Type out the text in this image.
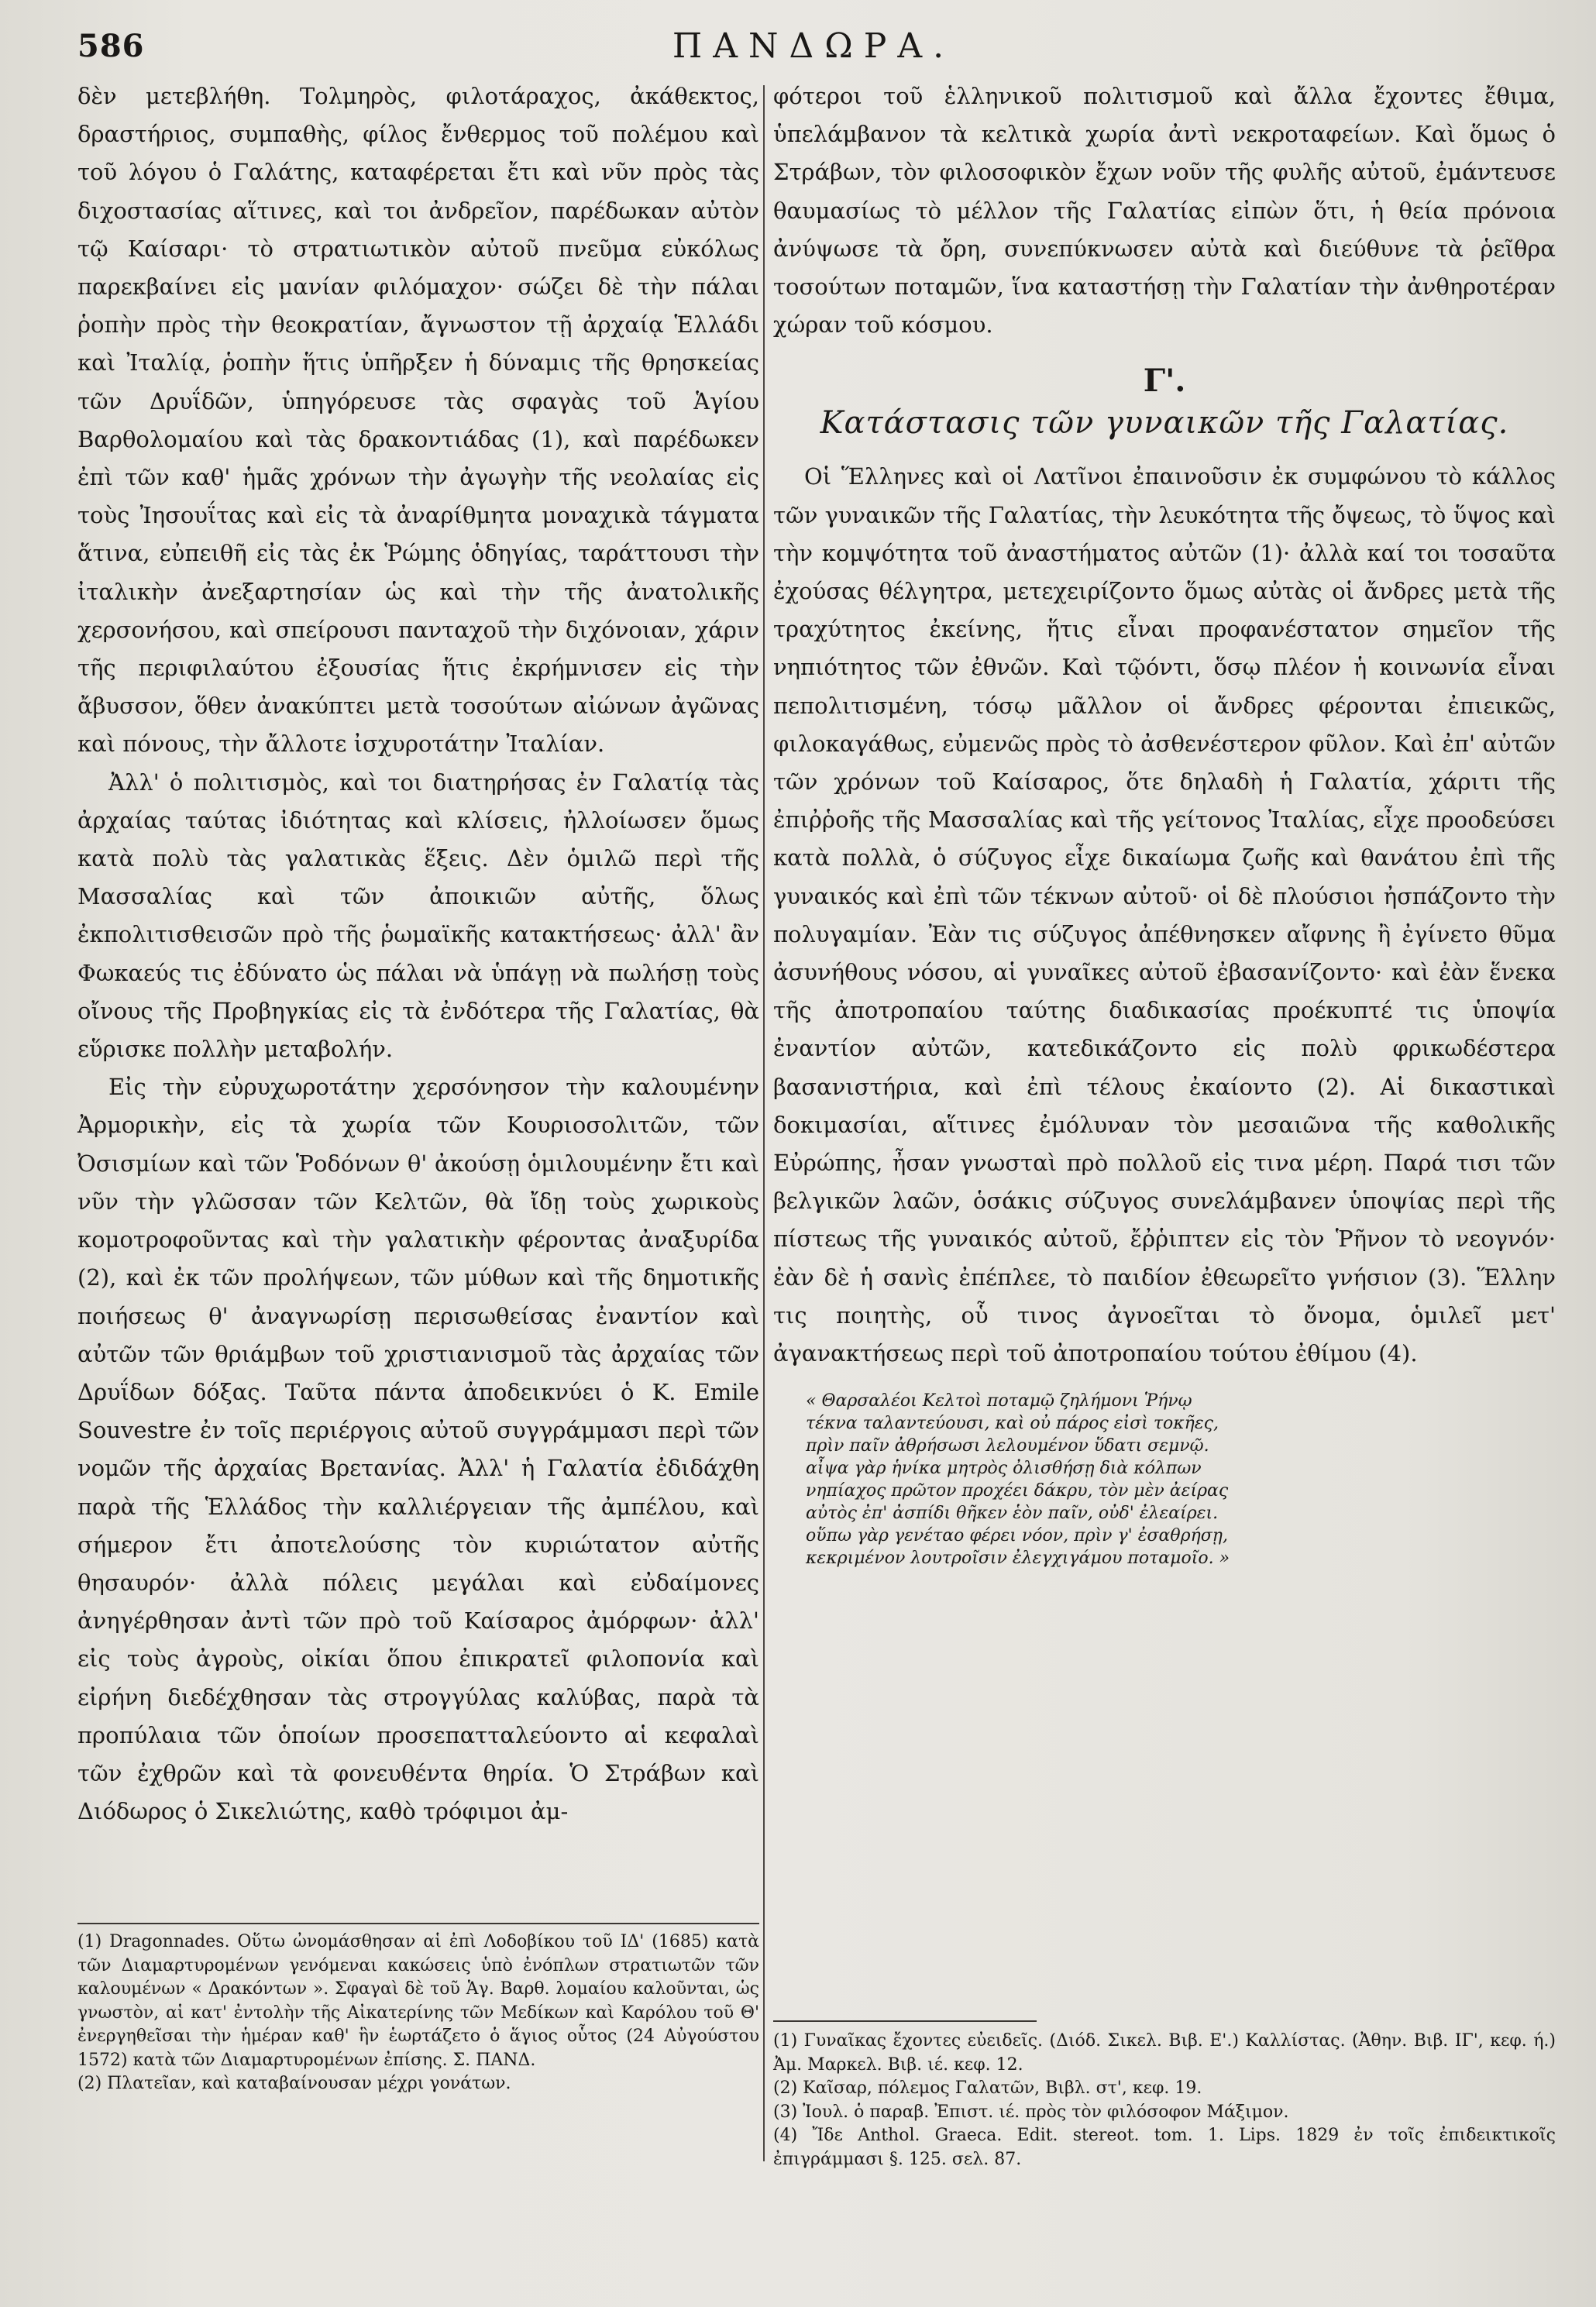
586	ΠΑΝΔΩΡΑ.

δὲν μετεβλήθη. Τολμηρὸς, φιλοτάραχος, ἀκάθεκτος, δραστήριος, συμπαθὴς, φίλος ἔνθερμος τοῦ πολέμου καὶ τοῦ λόγου ὁ Γαλάτης, καταφέρεται ἔτι καὶ νῦν πρὸς τὰς διχοστασίας αἵτινες, καὶ τοι ἀνδρεῖον, παρέδωκαν αὐτὸν τῷ Καίσαρι· τὸ στρατιωτικὸν αὐτοῦ πνεῦμα εὐκόλως παρεκβαίνει εἰς μανίαν φιλόμαχον· σώζει δὲ τὴν πάλαι ῥοπὴν πρὸς τὴν θεοκρατίαν, ἄγνωστον τῇ ἀρχαίᾳ Ἑλλάδι καὶ Ἰταλίᾳ, ῥοπὴν ἥτις ὑπῆρξεν ἡ δύναμις τῆς θρησκείας τῶν Δρυΐδῶν, ὑπηγόρευσε τὰς σφαγὰς τοῦ Ἁγίου Βαρθολομαίου καὶ τὰς δρακοντιάδας (1), καὶ παρέδωκεν ἐπὶ τῶν καθ' ἡμᾶς χρόνων τὴν ἀγωγὴν τῆς νεολαίας εἰς τοὺς Ἰησουΐτας καὶ εἰς τὰ ἀναρίθμητα μοναχικὰ τάγματα ἅτινα, εὐπειθῆ εἰς τὰς ἐκ Ῥώμης ὁδηγίας, ταράττουσι τὴν ἰταλικὴν ἀνεξαρτησίαν ὡς καὶ τὴν τῆς ἀνατολικῆς χερσονήσου, καὶ σπείρουσι πανταχοῦ τὴν διχόνοιαν, χάριν τῆς περιφιλαύτου ἐξουσίας ἥτις ἐκρήμνισεν εἰς τὴν ἄβυσσον, ὅθεν ἀνακύπτει μετὰ τοσούτων αἰώνων ἀγῶνας καὶ πόνους, τὴν ἄλλοτε ἰσχυροτάτην Ἰταλίαν.

Ἀλλ' ὁ πολιτισμὸς, καὶ τοι διατηρήσας ἐν Γαλατίᾳ τὰς ἀρχαίας ταύτας ἰδιότητας καὶ κλίσεις, ἠλλοίωσεν ὅμως κατὰ πολὺ τὰς γαλατικὰς ἕξεις. Δὲν ὁμιλῶ περὶ τῆς Μασσαλίας καὶ τῶν ἀποικιῶν αὐτῆς, ὅλως ἐκπολιτισθεισῶν πρὸ τῆς ῥωμαϊκῆς κατακτήσεως· ἀλλ' ἂν Φωκαεύς τις ἐδύνατο ὡς πάλαι νὰ ὑπάγῃ νὰ πωλήσῃ τοὺς οἴνους τῆς Προβηγκίας εἰς τὰ ἐνδότερα τῆς Γαλατίας, θὰ εὕρισκε πολλὴν μεταβολήν.

Εἰς τὴν εὐρυχωροτάτην χερσόνησον τὴν καλουμένην Ἀρμορικὴν, εἰς τὰ χωρία τῶν Κουριοσολιτῶν, τῶν Ὀσισμίων καὶ τῶν Ῥοδόνων θ' ἀκούσῃ ὁμιλουμένην ἔτι καὶ νῦν τὴν γλῶσσαν τῶν Κελτῶν, θὰ ἴδῃ τοὺς χωρικοὺς κομοτροφοῦντας καὶ τὴν γαλατικὴν φέροντας ἀναξυρίδα (2), καὶ ἐκ τῶν προλήψεων, τῶν μύθων καὶ τῆς δημοτικῆς ποιήσεως θ' ἀναγνωρίσῃ περισωθείσας ἐναντίον καὶ αὐτῶν τῶν θριάμβων τοῦ χριστιανισμοῦ τὰς ἀρχαίας τῶν Δρυΐδων δόξας. Ταῦτα πάντα ἀποδεικνύει ὁ Κ. Emile Souvestre ἐν τοῖς περιέργοις αὐτοῦ συγγράμμασι περὶ τῶν νομῶν τῆς ἀρχαίας Βρετανίας. Ἀλλ' ἡ Γαλατία ἐδιδάχθη παρὰ τῆς Ἑλλάδος τὴν καλλιέργειαν τῆς ἀμπέλου, καὶ σήμερον ἔτι ἀποτελούσης τὸν κυριώτατον αὐτῆς θησαυρόν· ἀλλὰ πόλεις μεγάλαι καὶ εὐδαίμονες ἀνηγέρθησαν ἀντὶ τῶν πρὸ τοῦ Καίσαρος ἀμόρφων· ἀλλ' εἰς τοὺς ἀγροὺς, οἰκίαι ὅπου ἐπικρατεῖ φιλοπονία καὶ εἰρήνη διεδέχθησαν τὰς στρογγύλας καλύβας, παρὰ τὰ προπύλαια τῶν ὁποίων προσεπατταλεύοντο αἱ κεφαλαὶ τῶν ἐχθρῶν καὶ τὰ φονευθέντα θηρία. Ὁ Στράβων καὶ Διόδωρος ὁ Σικελιώτης, καθὸ τρόφιμοι ἀμ-

(1) Dragonnades. Οὕτω ὠνομάσθησαν αἱ ἐπὶ Λοδοβίκου τοῦ ΙΔ' (1685) κατὰ τῶν Διαμαρτυρομένων γενόμεναι κακώσεις ὑπὸ ἐνόπλων στρατιωτῶν τῶν καλουμένων « Δρακόντων ». Σφαγαὶ δὲ τοῦ Ἁγ. Βαρθ. λομαίου καλοῦνται, ὡς γνωστὸν, αἱ κατ' ἐντολὴν τῆς Αἰκατερίνης τῶν Μεδίκων καὶ Καρόλου τοῦ Θ' ἐνεργηθεῖσαι τὴν ἡμέραν καθ' ἣν ἑωρτάζετο ὁ ἅγιος οὗτος (24 Αὐγούστου 1572) κατὰ τῶν Διαμαρτυρομένων ἐπίσης. Σ. ΠΑΝΔ.

(2) Πλατεῖαν, καὶ καταβαίνουσαν μέχρι γονάτων.

φότεροι τοῦ ἑλληνικοῦ πολιτισμοῦ καὶ ἄλλα ἔχοντες ἔθιμα, ὑπελάμβανον τὰ κελτικὰ χωρία ἀντὶ νεκροταφείων. Καὶ ὅμως ὁ Στράβων, τὸν φιλοσοφικὸν ἔχων νοῦν τῆς φυλῆς αὐτοῦ, ἐμάντευσε θαυμασίως τὸ μέλλον τῆς Γαλατίας εἰπὼν ὅτι, ἡ θεία πρόνοια ἀνύψωσε τὰ ὄρη, συνεπύκνωσεν αὐτὰ καὶ διεύθυνε τὰ ῥεῖθρα τοσούτων ποταμῶν, ἵνα καταστήσῃ τὴν Γαλατίαν τὴν ἀνθηροτέραν χώραν τοῦ κόσμου.

Γ'.
Κατάστασις τῶν γυναικῶν τῆς Γαλατίας.

Οἱ Ἕλληνες καὶ οἱ Λατῖνοι ἐπαινοῦσιν ἐκ συμφώνου τὸ κάλλος τῶν γυναικῶν τῆς Γαλατίας, τὴν λευκότητα τῆς ὄψεως, τὸ ὕψος καὶ τὴν κομψότητα τοῦ ἀναστήματος αὐτῶν (1)· ἀλλὰ καί τοι τοσαῦτα ἐχούσας θέλγητρα, μετεχειρίζοντο ὅμως αὐτὰς οἱ ἄνδρες μετὰ τῆς τραχύτητος ἐκείνης, ἥτις εἶναι προφανέστατον σημεῖον τῆς νηπιότητος τῶν ἐθνῶν. Καὶ τῷόντι, ὅσῳ πλέον ἡ κοινωνία εἶναι πεπολιτισμένη, τόσῳ μᾶλλον οἱ ἄνδρες φέρονται ἐπιεικῶς, φιλοκαγάθως, εὐμενῶς πρὸς τὸ ἀσθενέστερον φῦλον. Καὶ ἐπ' αὐτῶν τῶν χρόνων τοῦ Καίσαρος, ὅτε δηλαδὴ ἡ Γαλατία, χάριτι τῆς ἐπιῤῥοῆς τῆς Μασσαλίας καὶ τῆς γείτονος Ἰταλίας, εἶχε προοδεύσει κατὰ πολλὰ, ὁ σύζυγος εἶχε δικαίωμα ζωῆς καὶ θανάτου ἐπὶ τῆς γυναικός καὶ ἐπὶ τῶν τέκνων αὐτοῦ· οἱ δὲ πλούσιοι ἠσπάζοντο τὴν πολυγαμίαν. Ἐὰν τις σύζυγος ἀπέθνησκεν αἴφνης ἢ ἐγίνετο θῦμα ἀσυνήθους νόσου, αἱ γυναῖκες αὐτοῦ ἐβασανίζοντο· καὶ ἐὰν ἕνεκα τῆς ἀποτροπαίου ταύτης διαδικασίας προέκυπτέ τις ὑποψία ἐναντίον αὐτῶν, κατεδικάζοντο εἰς πολὺ φρικωδέστερα βασανιστήρια, καὶ ἐπὶ τέλους ἐκαίοντο (2). Αἱ δικαστικαὶ δοκιμασίαι, αἵτινες ἐμόλυναν τὸν μεσαιῶνα τῆς καθολικῆς Εὐρώπης, ἦσαν γνωσταὶ πρὸ πολλοῦ εἰς τινα μέρη. Παρά τισι τῶν βελγικῶν λαῶν, ὁσάκις σύζυγος συνελάμβανεν ὑποψίας περὶ τῆς πίστεως τῆς γυναικός αὐτοῦ, ἔῤῥιπτεν εἰς τὸν Ῥῆνον τὸ νεογνόν· ἐὰν δὲ ἡ σανὶς ἐπέπλεε, τὸ παιδίον ἐθεωρεῖτο γνήσιον (3). Ἕλλην τις ποιητὴς, οὗ τινος ἀγνοεῖται τὸ ὄνομα, ὁμιλεῖ μετ' ἀγανακτήσεως περὶ τοῦ ἀποτροπαίου τούτου ἐθίμου (4).

« Θαρσαλέοι Κελτοὶ ποταμῷ ζηλήμονι Ῥήνῳ
τέκνα ταλαντεύουσι, καὶ οὐ πάρος εἰσὶ τοκῆες,
πρὶν παῖν ἀθρήσωσι λελουμένον ὕδατι σεμνῷ.
αἶψα γὰρ ἡνίκα μητρὸς ὀλισθήσῃ διὰ κόλπων
νηπίαχος πρῶτον προχέει δάκρυ, τὸν μὲν ἀείρας
αὐτὸς ἐπ' ἀσπίδι θῆκεν ἑὸν παῖν, οὐδ' ἐλεαίρει.
οὕπω γὰρ γενέταο φέρει νόον, πρὶν γ' ἐσαθρήσῃ,
κεκριμένον λουτροῖσιν ἐλεγχιγάμου ποταμοῖο. »

(1) Γυναῖκας ἔχοντες εὐειδεῖς. (Διόδ. Σικελ. Βιβ. Ε'.) Καλλίστας. (Ἀθην. Βιβ. ΙΓ', κεφ. ή.) Ἀμ. Μαρκελ. Βιβ. ιέ. κεφ. 12.

(2) Καῖσαρ, πόλεμος Γαλατῶν, Βιβλ. στ', κεφ. 19.

(3) Ἰουλ. ὁ παραβ. Ἐπιστ. ιέ. πρὸς τὸν φιλόσοφον Μάξιμον.

(4) Ἴδε Anthol. Graeca. Edit. stereot. tom. 1. Lips. 1829 ἐν τοῖς ἐπιδεικτικοῖς ἐπιγράμμασι §. 125. σελ. 87.
